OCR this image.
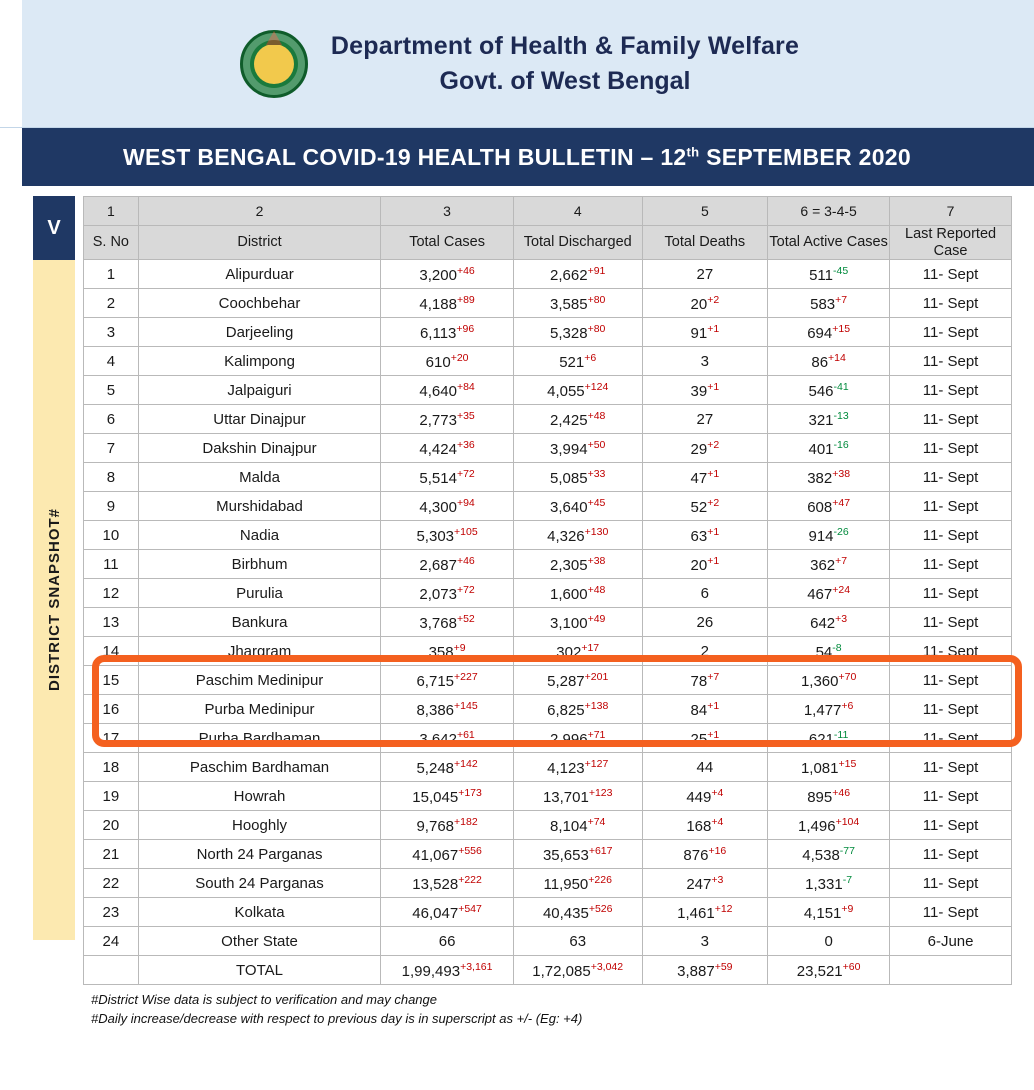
Department of Health & Family Welfare
Govt. of West Bengal
WEST BENGAL COVID-19 HEALTH BULLETIN – 12th SEPTEMBER 2020
V
DISTRICT SNAPSHOT#
1	2	3	4	5	6 = 3-4-5	7
S. No	District	Total Cases	Total Discharged	Total Deaths	Total Active Cases	Last Reported Case
1	Alipurduar	$3,200^{+46}$	$2,662^{+91}$	27	$511^{-45}$	11- Sept
2	Coochbehar	$4,188^{+89}$	$3,585^{+80}$	$20^{+2}$	$583^{+7}$	11- Sept
3	Darjeeling	$6,113^{+96}$	$5,328^{+80}$	$91^{+1}$	$694^{+15}$	11- Sept
4	Kalimpong	$610^{+20}$	$521^{+6}$	3	$86^{+14}$	11- Sept
5	Jalpaiguri	$4,640^{+84}$	$4,055^{+124}$	$39^{+1}$	$546^{-41}$	11- Sept
6	Uttar Dinajpur	$2,773^{+35}$	$2,425^{+48}$	27	$321^{-13}$	11- Sept
7	Dakshin Dinajpur	$4,424^{+36}$	$3,994^{+50}$	$29^{+2}$	$401^{-16}$	11- Sept
8	Malda	$5,514^{+72}$	$5,085^{+33}$	$47^{+1}$	$382^{+38}$	11- Sept
9	Murshidabad	$4,300^{+94}$	$3,640^{+45}$	$52^{+2}$	$608^{+47}$	11- Sept
10	Nadia	$5,303^{+105}$	$4,326^{+130}$	$63^{+1}$	$914^{-26}$	11- Sept
11	Birbhum	$2,687^{+46}$	$2,305^{+38}$	$20^{+1}$	$362^{+7}$	11- Sept
12	Purulia	$2,073^{+72}$	$1,600^{+48}$	6	$467^{+24}$	11- Sept
13	Bankura	$3,768^{+52}$	$3,100^{+49}$	26	$642^{+3}$	11- Sept
14	Jhargram	$358^{+9}$	$302^{+17}$	2	$54^{-8}$	11- Sept
15	Paschim Medinipur	$6,715^{+227}$	$5,287^{+201}$	$78^{+7}$	$1,360^{+70}$	11- Sept
16	Purba Medinipur	$8,386^{+145}$	$6,825^{+138}$	$84^{+1}$	$1,477^{+6}$	11- Sept
17	Purba Bardhaman	$3,642^{+61}$	$2,996^{+71}$	$25^{+1}$	$621^{-11}$	11- Sept
18	Paschim Bardhaman	$5,248^{+142}$	$4,123^{+127}$	44	$1,081^{+15}$	11- Sept
19	Howrah	$15,045^{+173}$	$13,701^{+123}$	$449^{+4}$	$895^{+46}$	11- Sept
20	Hooghly	$9,768^{+182}$	$8,104^{+74}$	$168^{+4}$	$1,496^{+104}$	11- Sept
21	North 24 Parganas	$41,067^{+556}$	$35,653^{+617}$	$876^{+16}$	$4,538^{-77}$	11- Sept
22	South 24 Parganas	$13,528^{+222}$	$11,950^{+226}$	$247^{+3}$	$1,331^{-7}$	11- Sept
23	Kolkata	$46,047^{+547}$	$40,435^{+526}$	$1,461^{+12}$	$4,151^{+9}$	11- Sept
24	Other State	66	63	3	0	6-June
	TOTAL	$1,99,493^{+3,161}$	$1,72,085^{+3,042}$	$3,887^{+59}$	$23,521^{+60}$	
#District Wise data is subject to verification and may change
#Daily increase/decrease with respect to previous day is in superscript as +/- (Eg: +4)
